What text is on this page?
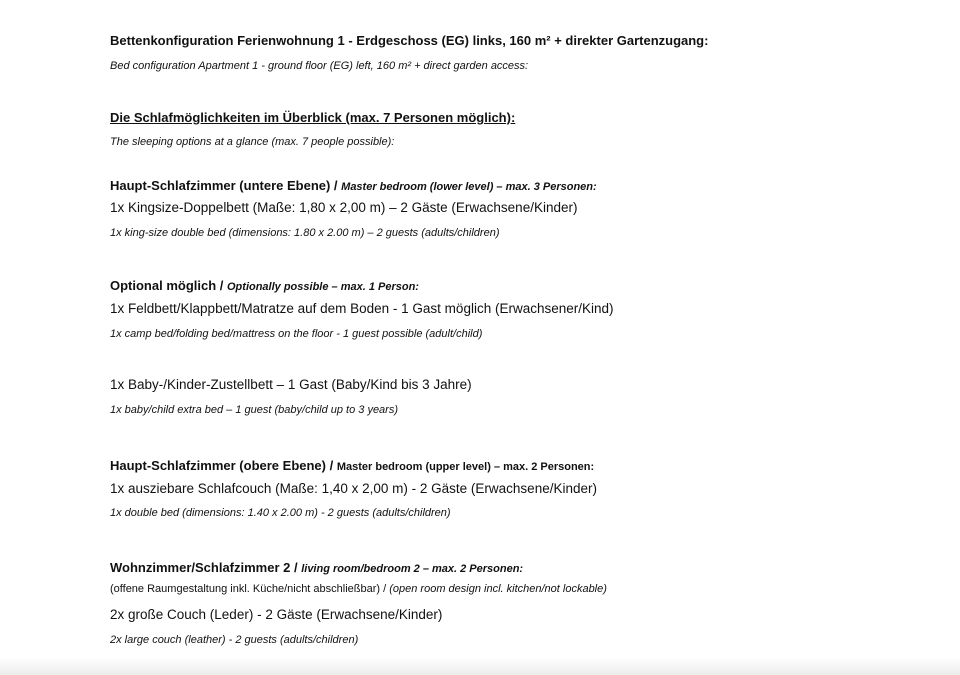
Bettenkonfiguration Ferienwohnung 1 - Erdgeschoss (EG) links, 160 m² + direkter Gartenzugang:
Bed configuration Apartment 1 - ground floor (EG) left, 160 m² + direct garden access:
Die Schlafmöglichkeiten im Überblick (max. 7 Personen möglich):
The sleeping options at a glance (max. 7 people possible):
Haupt-Schlafzimmer (untere Ebene) / Master bedroom (lower level) – max. 3 Personen:
1x Kingsize-Doppelbett (Maße: 1,80 x 2,00 m) – 2 Gäste (Erwachsene/Kinder)
1x king-size double bed (dimensions: 1.80 x 2.00 m) – 2 guests (adults/children)
Optional möglich / Optionally possible – max. 1 Person:
1x Feldbett/Klappbett/Matratze auf dem Boden - 1 Gast möglich (Erwachsener/Kind)
1x camp bed/folding bed/mattress on the floor - 1 guest possible (adult/child)
1x Baby-/Kinder-Zustellbett – 1 Gast (Baby/Kind bis 3 Jahre)
1x baby/child extra bed – 1 guest (baby/child up to 3 years)
Haupt-Schlafzimmer (obere Ebene) / Master bedroom (upper level) – max. 2 Personen:
1x ausziebare Schlafcouch (Maße: 1,40 x 2,00 m) - 2 Gäste (Erwachsene/Kinder)
1x double bed (dimensions: 1.40 x 2.00 m) - 2 guests (adults/children)
Wohnzimmer/Schlafzimmer 2 / living room/bedroom 2 – max. 2 Personen:
(offene Raumgestaltung inkl. Küche/nicht abschließbar) / (open room design incl. kitchen/not lockable)
2x große Couch (Leder) - 2 Gäste (Erwachsene/Kinder)
2x large couch (leather) - 2 guests (adults/children)
